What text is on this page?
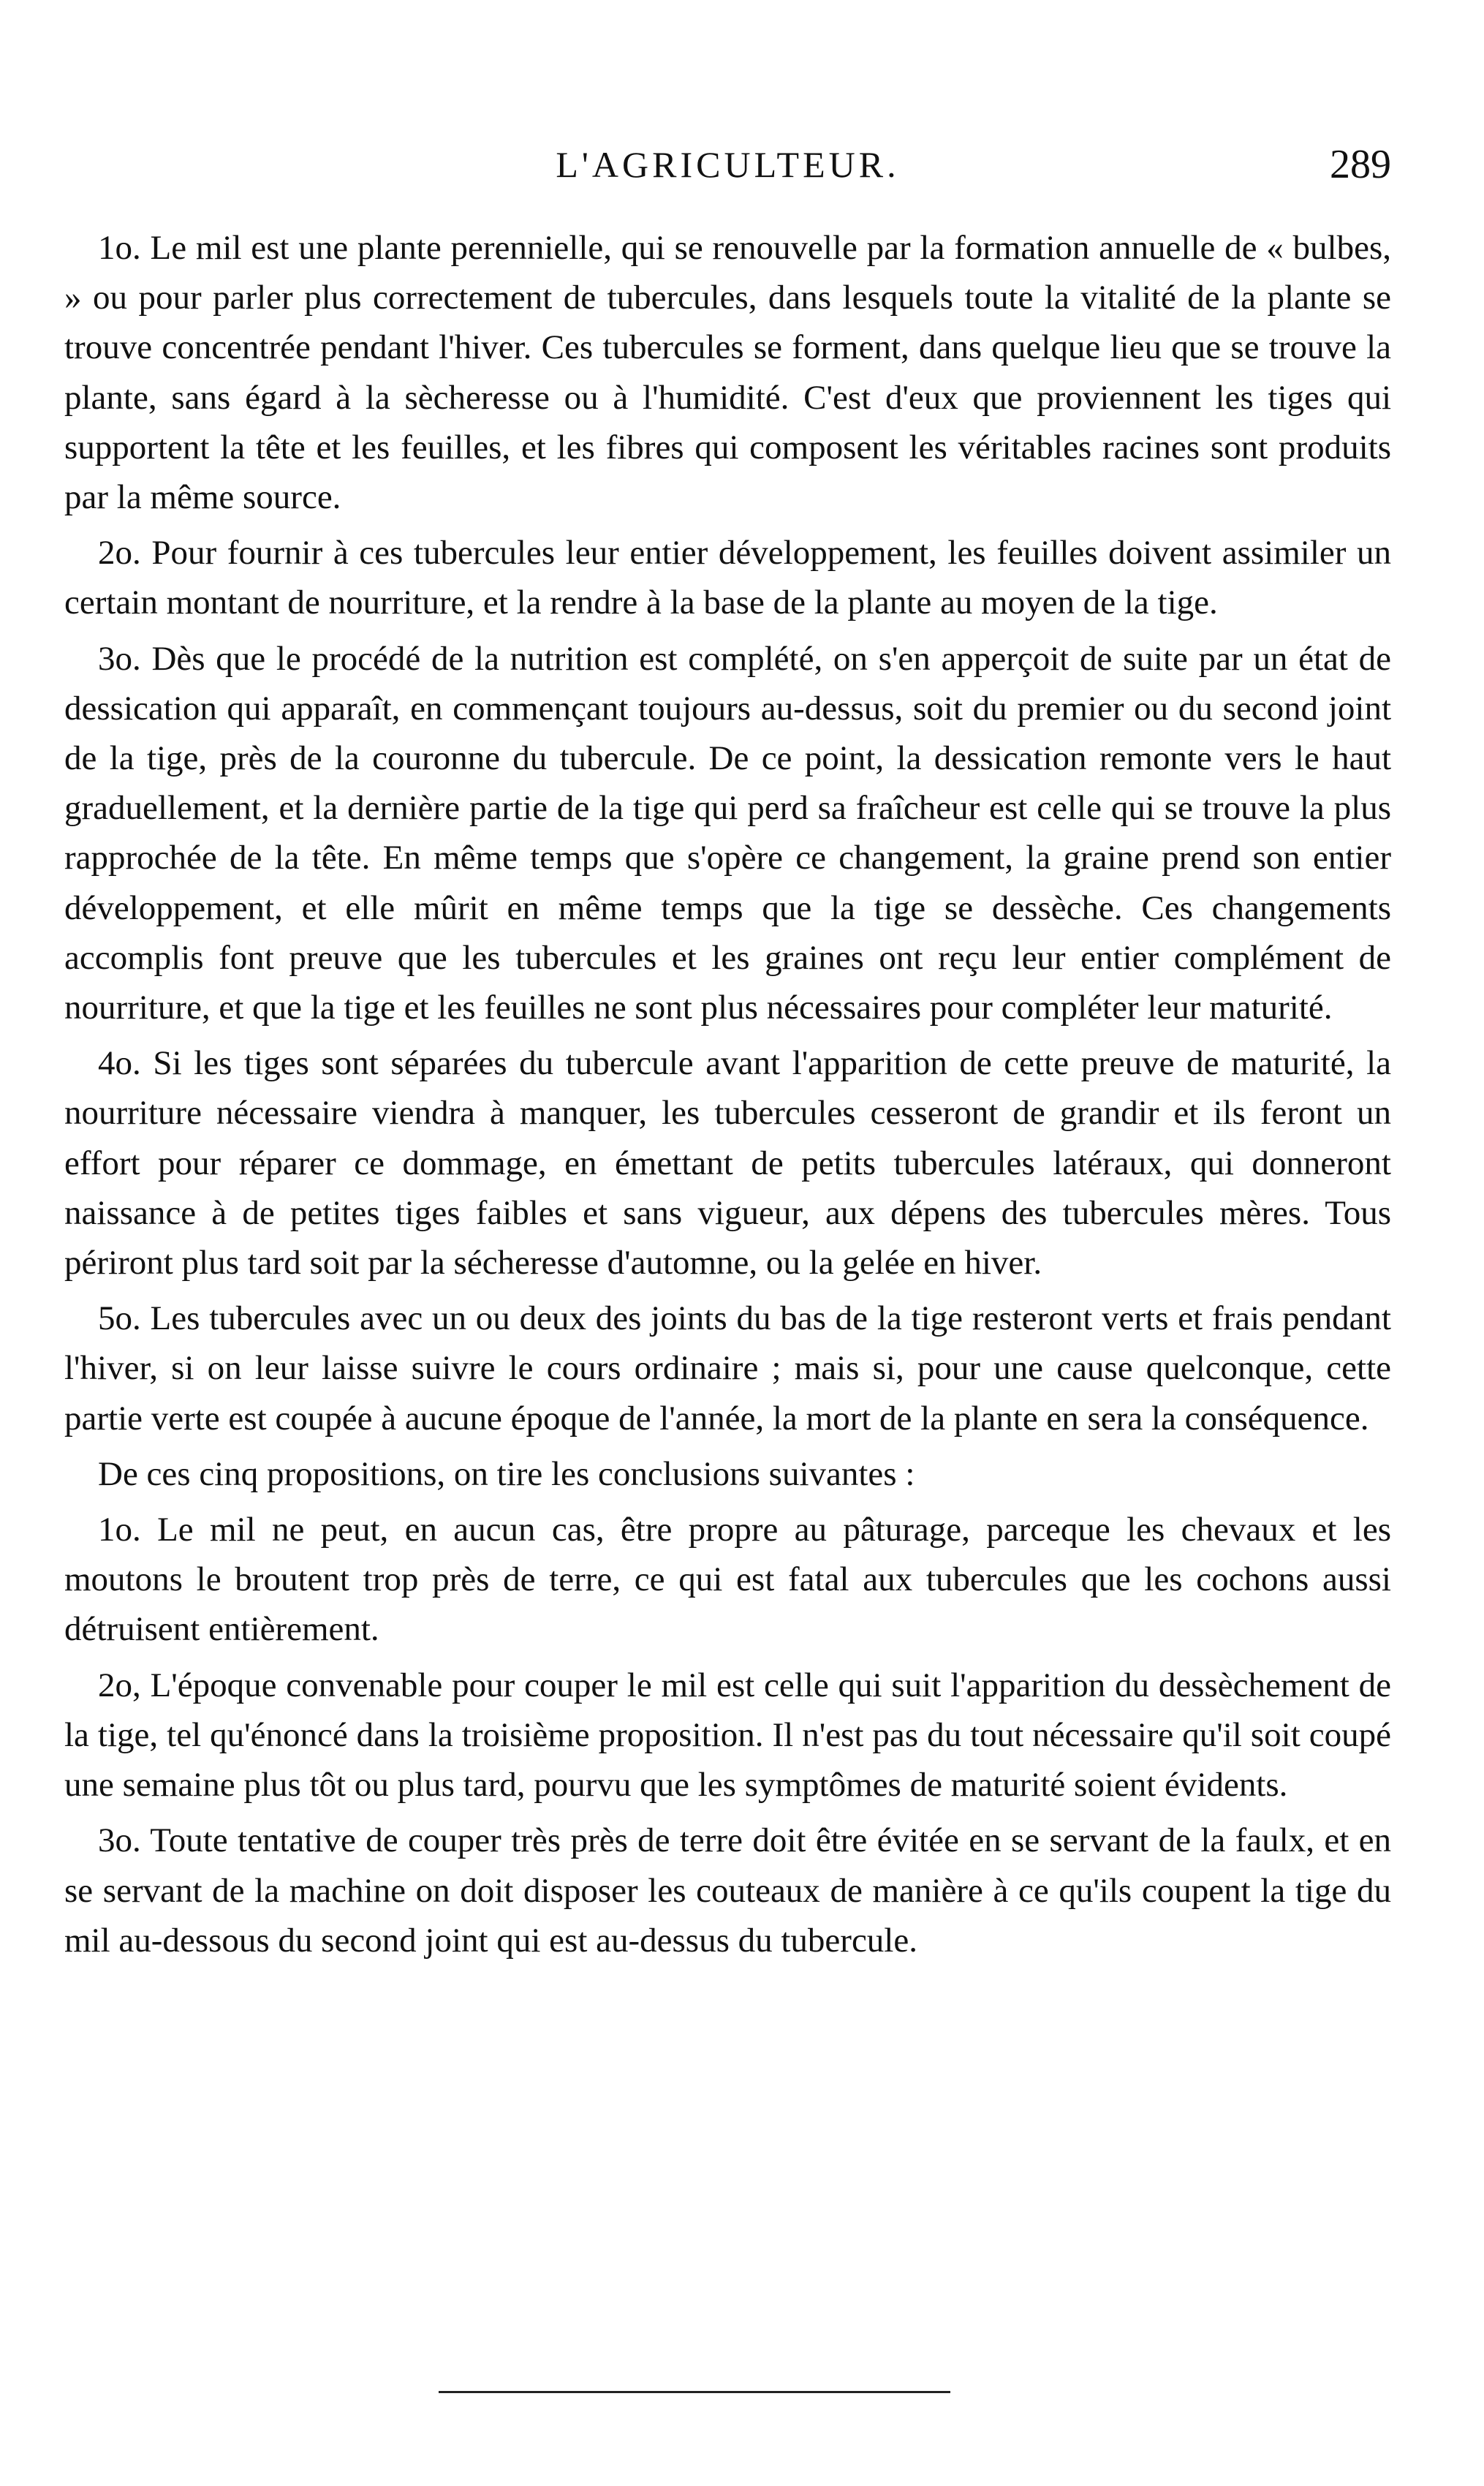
L'AGRICULTEUR.	289

1o. Le mil est une plante perennielle, qui se renouvelle par la formation annuelle de « bulbes, » ou pour parler plus correctement de tubercules, dans lesquels toute la vitalité de la plante se trouve concentrée pendant l'hiver. Ces tubercules se forment, dans quelque lieu que se trouve la plante, sans égard à la sècheresse ou à l'humidité. C'est d'eux que proviennent les tiges qui supportent la tête et les feuilles, et les fibres qui composent les véritables racines sont produits par la même source.

2o. Pour fournir à ces tubercules leur entier développement, les feuilles doivent assimiler un certain montant de nourriture, et la rendre à la base de la plante au moyen de la tige.

3o. Dès que le procédé de la nutrition est complété, on s'en apperçoit de suite par un état de dessication qui apparaît, en commençant toujours au-dessus, soit du premier ou du second joint de la tige, près de la couronne du tubercule. De ce point, la dessication remonte vers le haut graduellement, et la dernière partie de la tige qui perd sa fraîcheur est celle qui se trouve la plus rapprochée de la tête. En même temps que s'opère ce changement, la graine prend son entier développement, et elle mûrit en même temps que la tige se dessèche. Ces changements accomplis font preuve que les tubercules et les graines ont reçu leur entier complément de nourriture, et que la tige et les feuilles ne sont plus nécessaires pour compléter leur maturité.

4o. Si les tiges sont séparées du tubercule avant l'apparition de cette preuve de maturité, la nourriture nécessaire viendra à manquer, les tubercules cesseront de grandir et ils feront un effort pour réparer ce dommage, en émettant de petits tubercules latéraux, qui donneront naissance à de petites tiges faibles et sans vigueur, aux dépens des tubercules mères. Tous périront plus tard soit par la sécheresse d'automne, ou la gelée en hiver.

5o. Les tubercules avec un ou deux des joints du bas de la tige resteront verts et frais pendant l'hiver, si on leur laisse suivre le cours ordinaire ; mais si, pour une cause quelconque, cette partie verte est coupée à aucune époque de l'année, la mort de la plante en sera la conséquence.

De ces cinq propositions, on tire les conclusions suivantes :

1o. Le mil ne peut, en aucun cas, être propre au pâturage, parceque les chevaux et les moutons le broutent trop près de terre, ce qui est fatal aux tubercules que les cochons aussi détruisent entièrement.

2o, L'époque convenable pour couper le mil est celle qui suit l'apparition du dessèchement de la tige, tel qu'énoncé dans la troisième proposition. Il n'est pas du tout nécessaire qu'il soit coupé une semaine plus tôt ou plus tard, pourvu que les symptômes de maturité soient évidents.

3o. Toute tentative de couper très près de terre doit être évitée en se servant de la faulx, et en se servant de la machine on doit disposer les couteaux de manière à ce qu'ils coupent la tige du mil au-dessous du second joint qui est au-dessus du tubercule.
